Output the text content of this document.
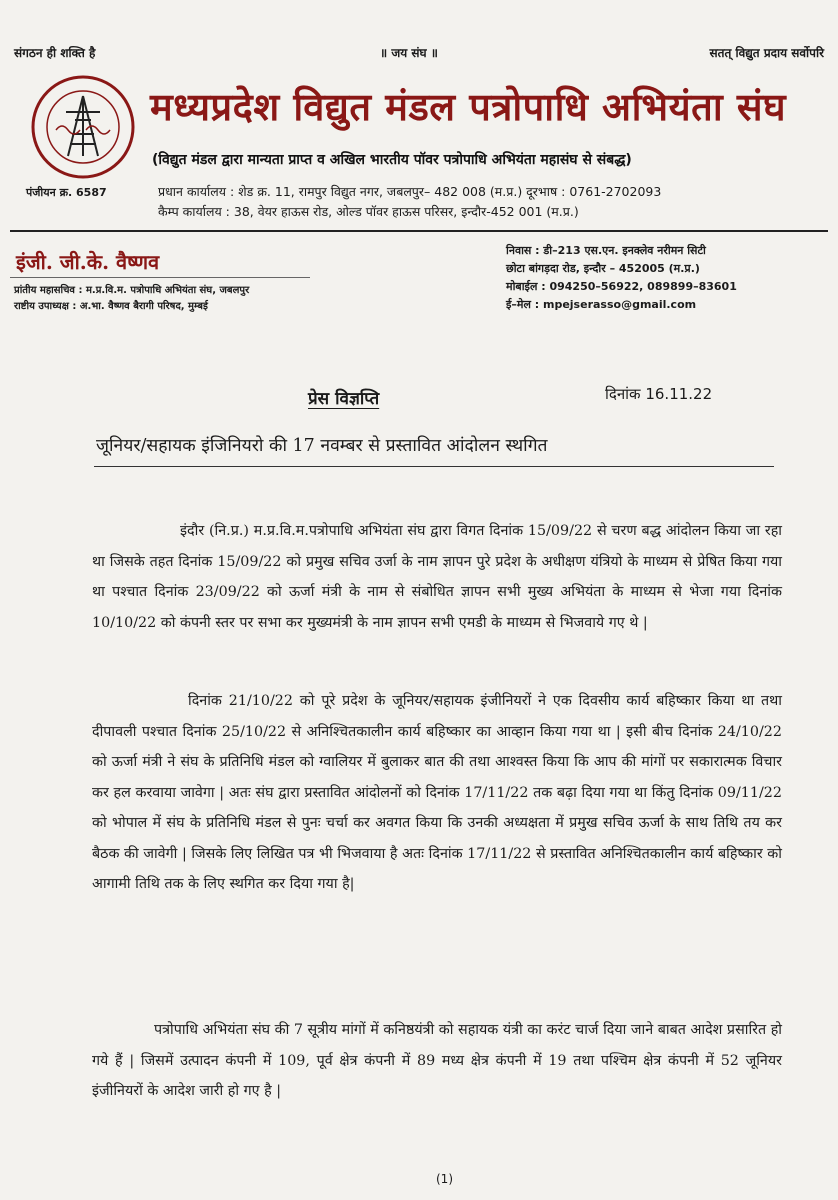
संगठन ही शक्ति है	॥ जय संघ ॥	सतत् विद्युत प्रदाय सर्वोपरि
पंजीयन क्र. 6587
मध्यप्रदेश विद्युत मंडल पत्रोपाधि अभियंता संघ
(विद्युत मंडल द्वारा मान्यता प्राप्त व अखिल भारतीय पॉवर पत्रोपाधि अभियंता महासंघ से संबद्ध)
प्रधान कार्यालय : शेड क्र. 11, रामपुर विद्युत नगर, जबलपुर– 482 008 (म.प्र.) दूरभाष : 0761-2702093
कैम्प कार्यालय : 38, वेयर हाऊस रोड, ओल्ड पॉवर हाऊस परिसर, इन्दौर-452 001 (म.प्र.)
इंजी. जी.के. वैष्णव
प्रांतीय महासचिव : म.प्र.वि.म. पत्रोपाधि अभियंता संघ, जबलपुर
राष्टीय उपाध्यक्ष : अ.भा. वैष्णव बैरागी परिषद, मुम्बई
निवास : डी–213 एस.एन. इनक्लेव नरीमन सिटी
छोटा बांगड़दा रोड, इन्दौर – 452005 (म.प्र.)
मोबाईल : 094250–56922, 089899–83601
ई–मेल : mpejserasso@gmail.com
प्रेस विज्ञप्ति	दिनांक 16.11.22
जूनियर/सहायक इंजिनियरो की 17 नवम्बर से प्रस्तावित आंदोलन स्थगित

इंदौर (नि.प्र.) म.प्र.वि.म.पत्रोपाधि अभियंता संघ द्वारा विगत दिनांक 15/09/22 से चरण बद्ध आंदोलन किया जा रहा था जिसके तहत दिनांक 15/09/22 को प्रमुख सचिव उर्जा के नाम ज्ञापन पुरे प्रदेश के अधीक्षण यंत्रियो के माध्यम से प्रेषित किया गया था पश्चात दिनांक 23/09/22 को ऊर्जा मंत्री के नाम से संबोधित ज्ञापन सभी मुख्य अभियंता के माध्यम से भेजा गया दिनांक 10/10/22 को कंपनी स्तर पर सभा कर मुख्यमंत्री के नाम ज्ञापन सभी एमडी के माध्यम से भिजवाये गए थे |

दिनांक 21/10/22 को पूरे प्रदेश के जूनियर/सहायक इंजीनियरों ने एक दिवसीय कार्य बहिष्कार किया था तथा दीपावली पश्चात दिनांक 25/10/22 से अनिश्चितकालीन कार्य बहिष्कार का आव्हान किया गया था | इसी बीच दिनांक 24/10/22 को ऊर्जा मंत्री ने संघ के प्रतिनिधि मंडल को ग्वालियर में बुलाकर बात की तथा आश्वस्त किया कि आप की मांगों पर सकारात्मक विचार कर हल करवाया जावेगा | अतः संघ द्वारा प्रस्तावित आंदोलनों को दिनांक 17/11/22 तक बढ़ा दिया गया था किंतु दिनांक 09/11/22 को भोपाल में संघ के प्रतिनिधि मंडल से पुनः चर्चा कर अवगत किया कि उनकी अध्यक्षता में प्रमुख सचिव ऊर्जा के साथ तिथि तय कर बैठक की जावेगी | जिसके लिए लिखित पत्र भी भिजवाया है अतः दिनांक 17/11/22 से प्रस्तावित अनिश्चितकालीन कार्य बहिष्कार को आगामी तिथि तक के लिए स्थगित कर दिया गया है|

पत्रोपाधि अभियंता संघ की 7 सूत्रीय मांगों में कनिष्ठयंत्री को सहायक यंत्री का करंट चार्ज दिया जाने बाबत आदेश प्रसारित हो गये हैं | जिसमें उत्पादन कंपनी में 109, पूर्व क्षेत्र कंपनी में 89 मध्य क्षेत्र कंपनी में 19 तथा पश्चिम क्षेत्र कंपनी में 52 जूनियर इंजीनियरों के आदेश जारी हो गए है |

(1)
